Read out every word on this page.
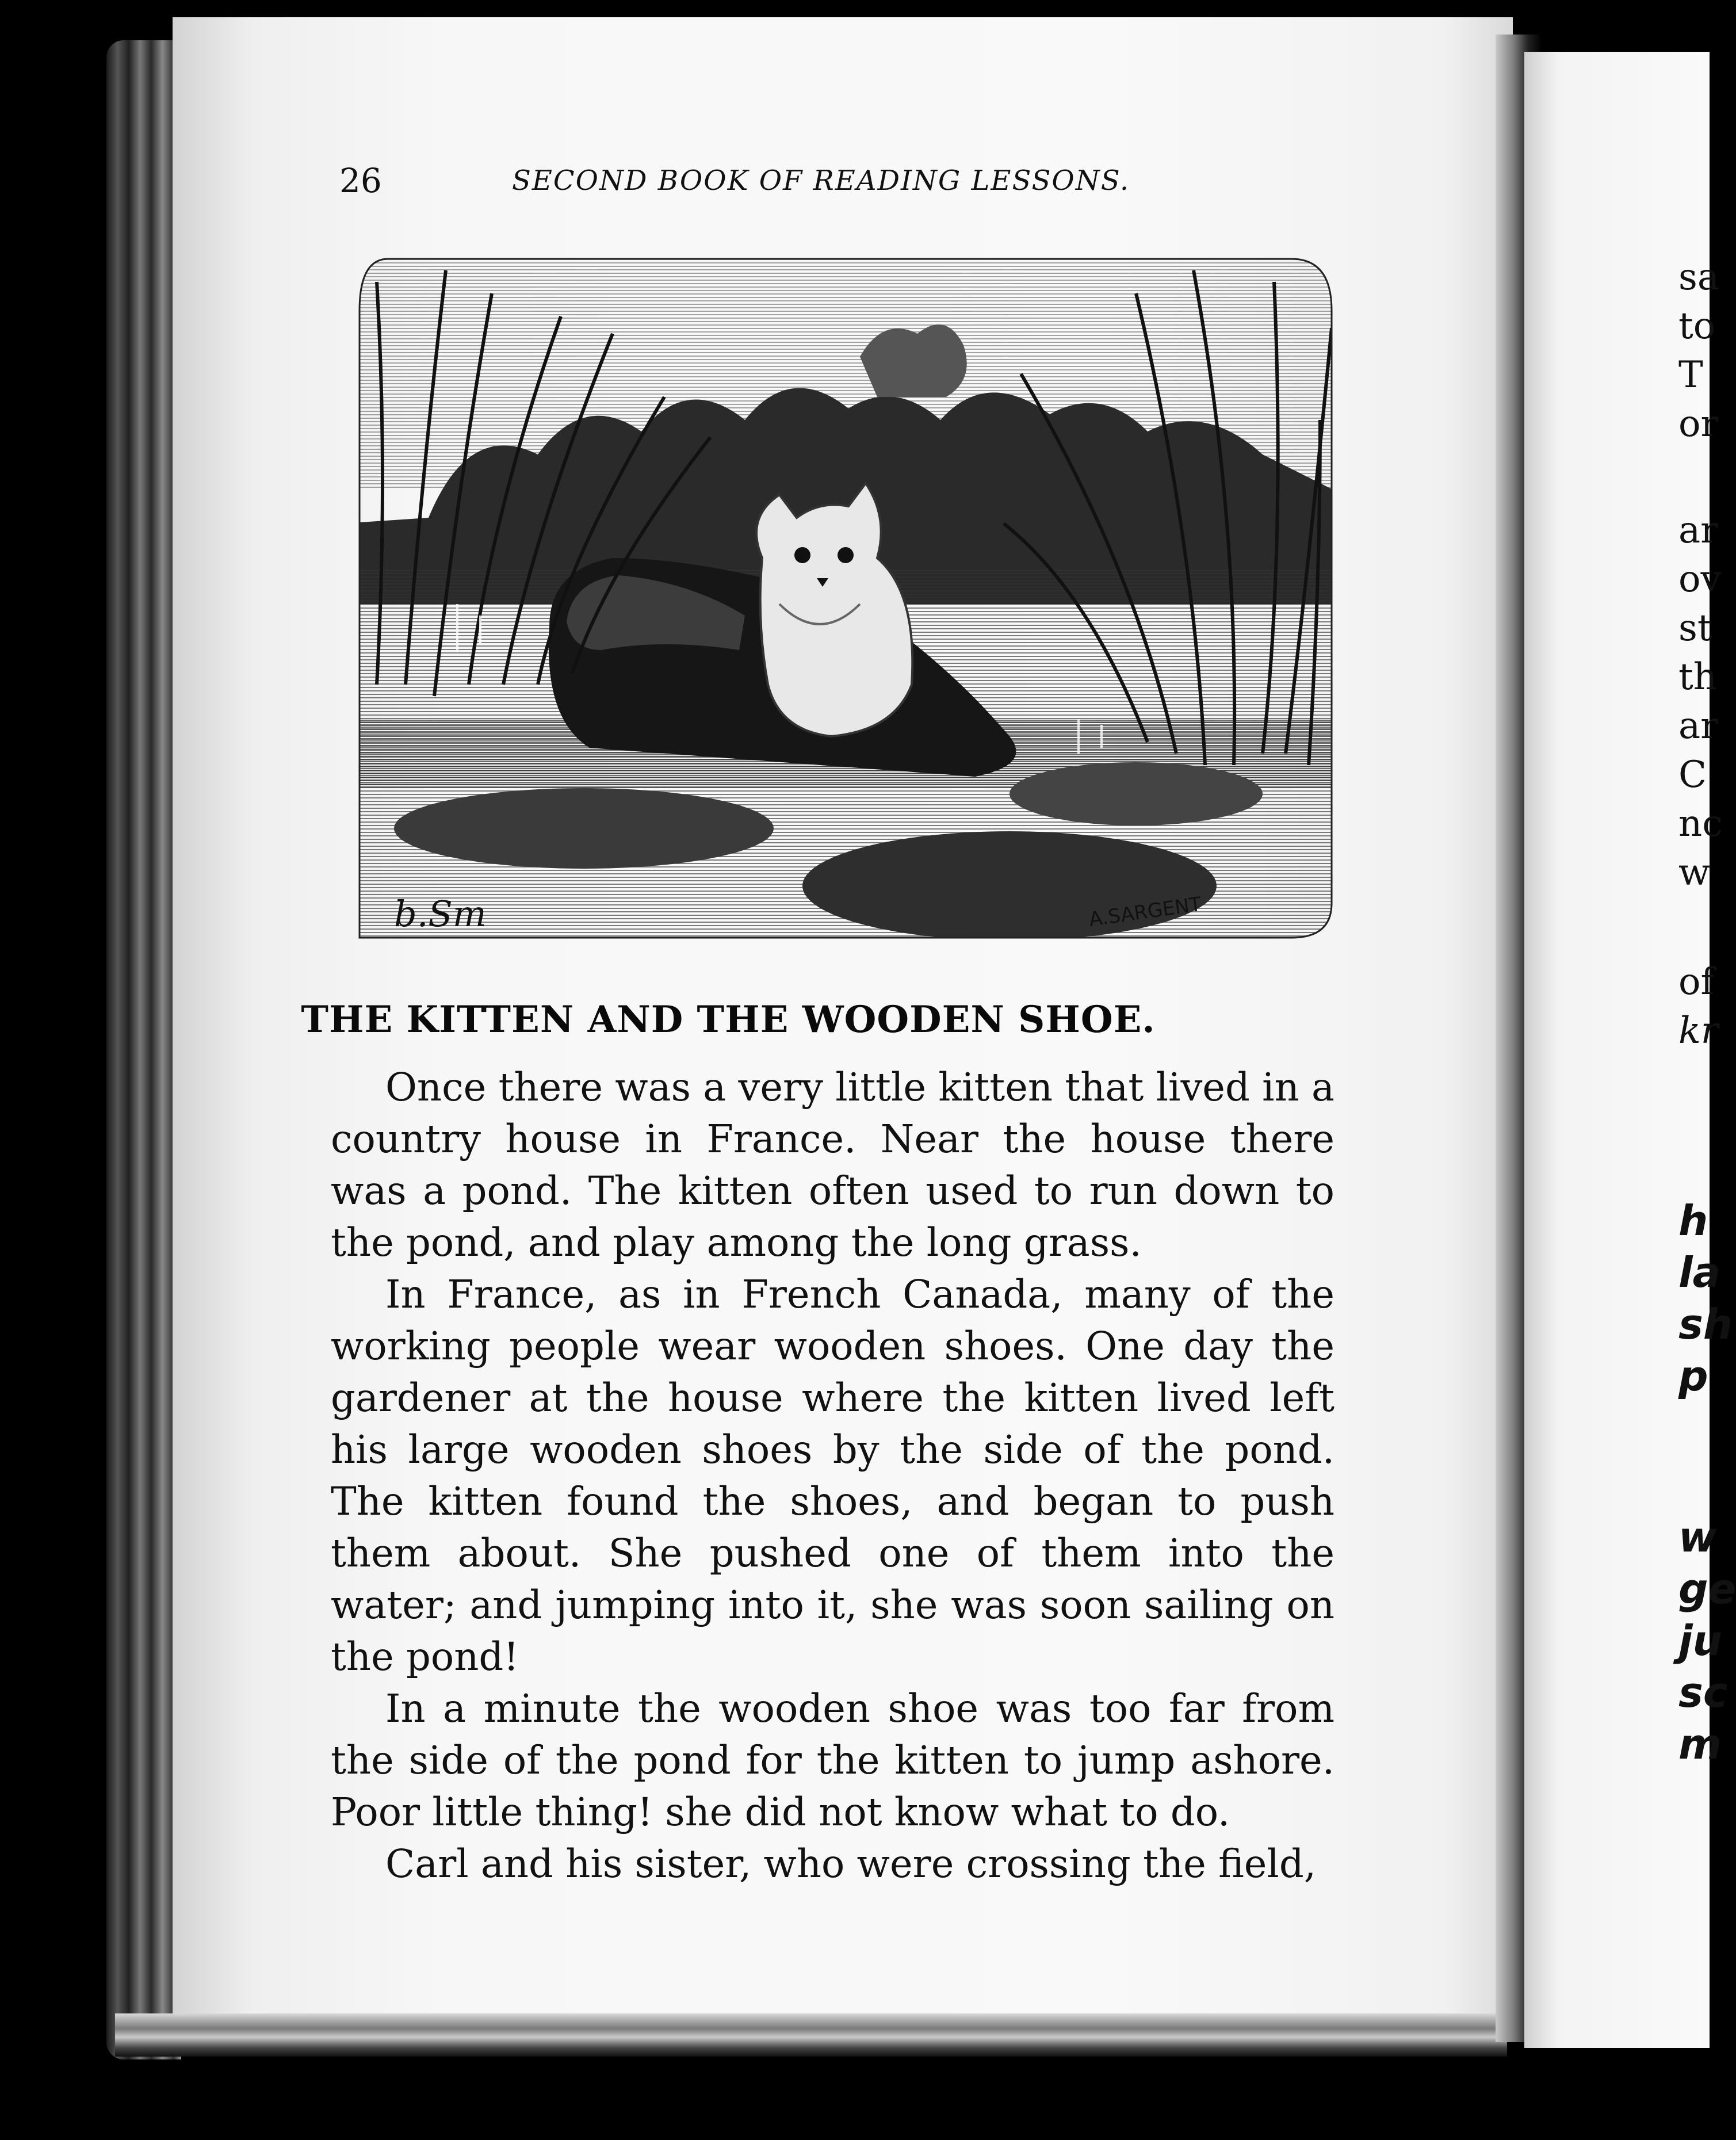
sa
to
T
or
ar
ov
st
th
ar
C
nc
w
of
kr
h
la
sh
p
w
ge
ju
sc
m
26	SECOND BOOK OF READING LESSONS.
b.Sm	A.SARGENT
THE KITTEN AND THE WOODEN SHOE.

Once there was a very little kitten that lived in a country house in France. Near the house there was a pond. The kitten often used to run down to the pond, and play among the long grass.

In France, as in French Canada, many of the working people wear wooden shoes. One day the gardener at the house where the kitten lived left his large wooden shoes by the side of the pond. The kitten found the shoes, and began to push them about. She pushed one of them into the water; and jumping into it, she was soon sailing on the pond!

In a minute the wooden shoe was too far from the side of the pond for the kitten to jump ashore. Poor little thing! she did not know what to do.

Carl and his sister, who were crossing the field,
